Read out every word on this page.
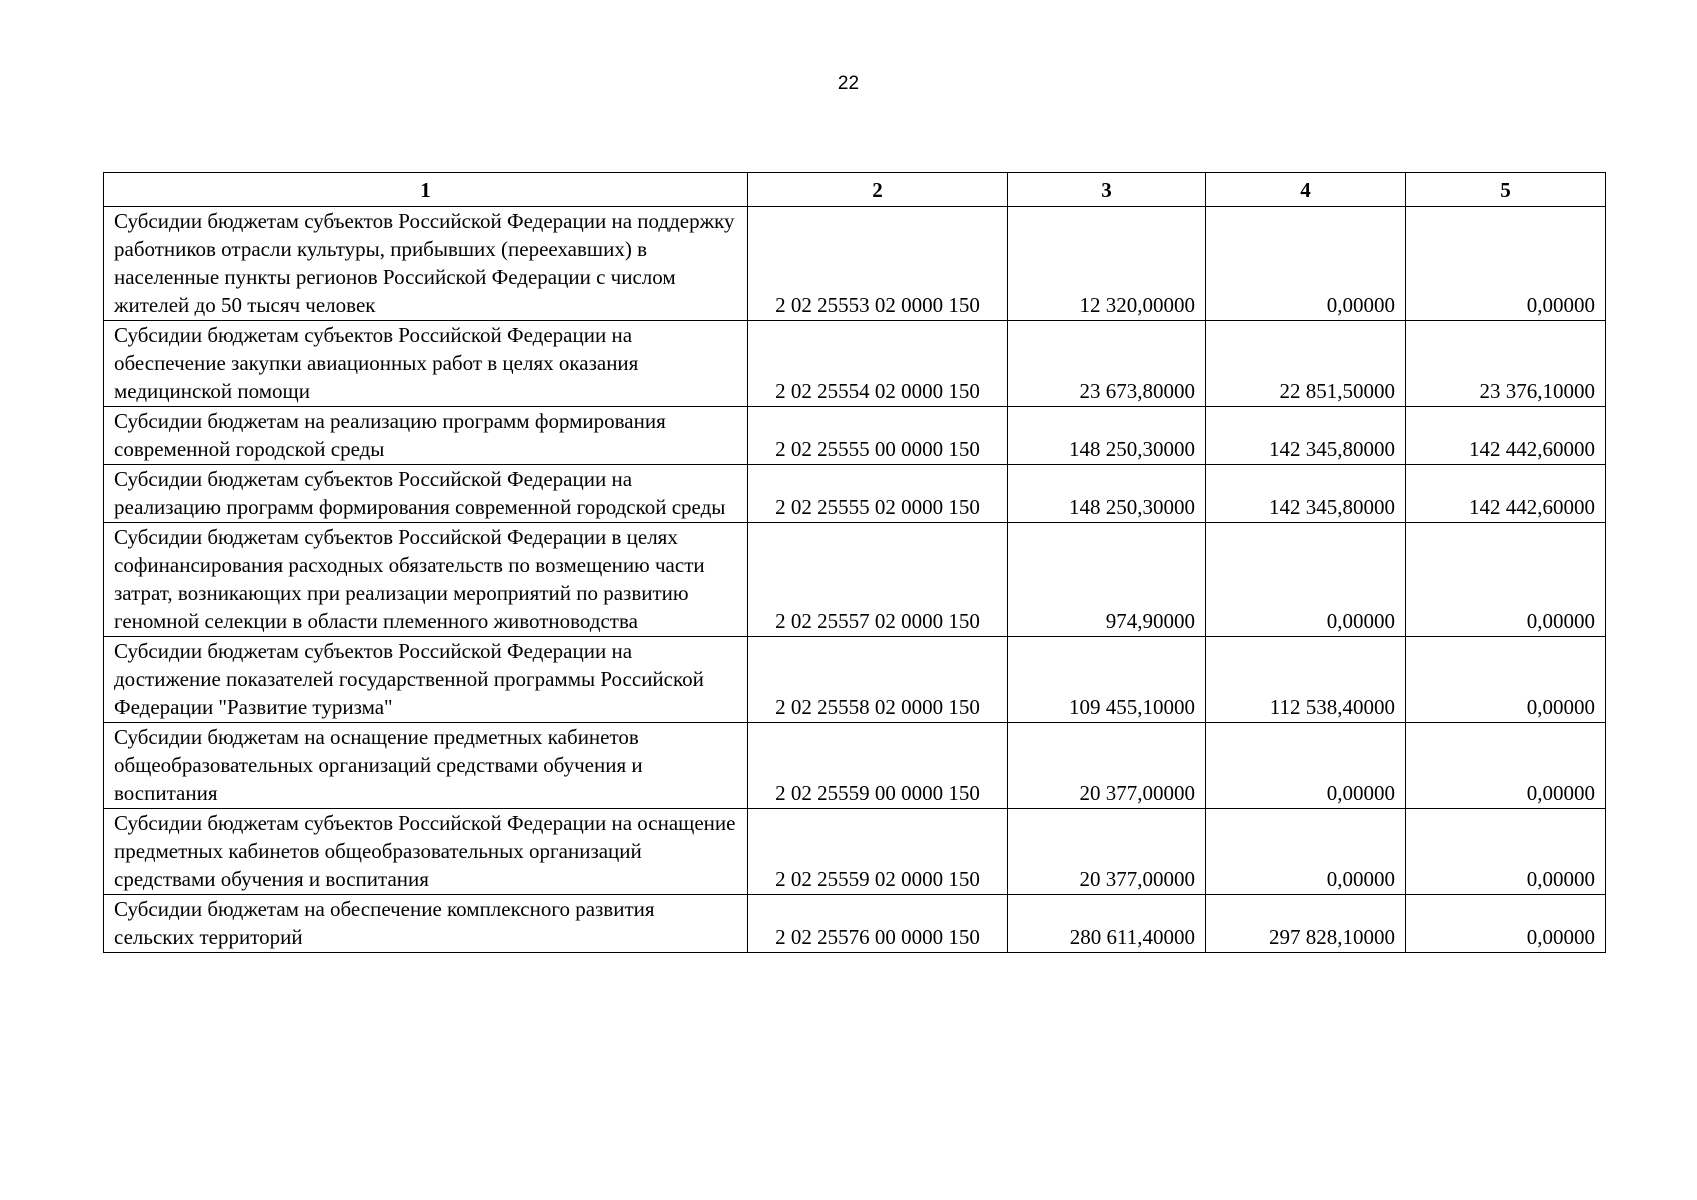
22
1	2	3	4	5
Субсидии бюджетам субъектов Российской Федерации на поддержку работников отрасли культуры, прибывших (переехавших) в населенные пункты регионов Российской Федерации с числом жителей до 50 тысяч человек	2 02 25553 02 0000 150	12 320,00000	0,00000	0,00000
Субсидии бюджетам субъектов Российской Федерации на обеспечение закупки авиационных работ в целях оказания медицинской помощи	2 02 25554 02 0000 150	23 673,80000	22 851,50000	23 376,10000
Субсидии бюджетам на реализацию программ формирования современной городской среды	2 02 25555 00 0000 150	148 250,30000	142 345,80000	142 442,60000
Субсидии бюджетам субъектов Российской Федерации на реализацию программ формирования современной городской среды	2 02 25555 02 0000 150	148 250,30000	142 345,80000	142 442,60000
Субсидии бюджетам субъектов Российской Федерации в целях софинансирования расходных обязательств по возмещению части затрат, возникающих при реализации мероприятий по развитию геномной селекции в области племенного животноводства	2 02 25557 02 0000 150	974,90000	0,00000	0,00000
Субсидии бюджетам субъектов Российской Федерации на достижение показателей государственной программы Российской Федерации "Развитие туризма"	2 02 25558 02 0000 150	109 455,10000	112 538,40000	0,00000
Субсидии бюджетам на оснащение предметных кабинетов общеобразовательных организаций средствами обучения и воспитания	2 02 25559 00 0000 150	20 377,00000	0,00000	0,00000
Субсидии бюджетам субъектов Российской Федерации на оснащение предметных кабинетов общеобразовательных организаций средствами обучения и воспитания	2 02 25559 02 0000 150	20 377,00000	0,00000	0,00000
Субсидии бюджетам на обеспечение комплексного развития сельских территорий	2 02 25576 00 0000 150	280 611,40000	297 828,10000	0,00000
